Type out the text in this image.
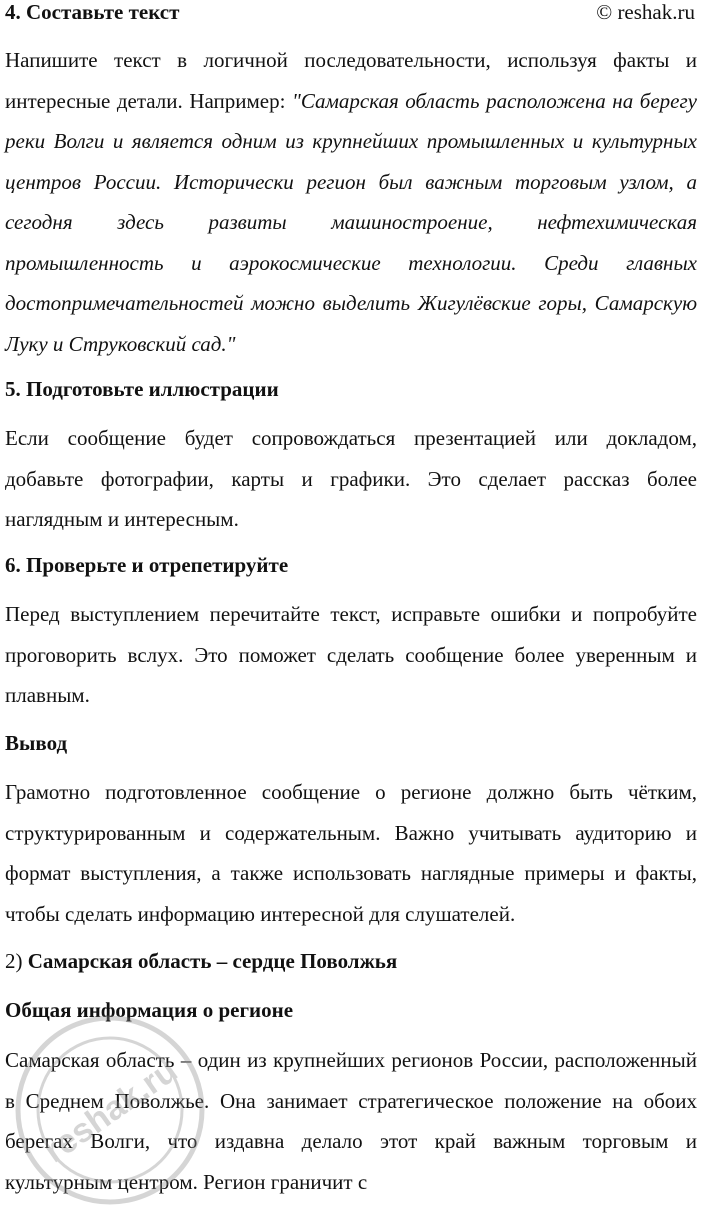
4. Составьте текст	© reshak.ru

Напишите текст в логичной последовательности, используя факты и интересные детали. Например: "Самарская область расположена на берегу реки Волги и является одним из крупнейших промышленных и культурных центров России. Исторически регион был важным торговым узлом, а сегодня здесь развиты машиностроение, нефтехимическая промышленность и аэрокосмические технологии. Среди главных достопримечательностей можно выделить Жигулёвские горы, Самарскую Луку и Струковский сад."

5. Подготовьте иллюстрации

Если сообщение будет сопровождаться презентацией или докладом, добавьте фотографии, карты и графики. Это сделает рассказ более наглядным и интересным.

6. Проверьте и отрепетируйте

Перед выступлением перечитайте текст, исправьте ошибки и попробуйте проговорить вслух. Это поможет сделать сообщение более уверенным и плавным.

Вывод

Грамотно подготовленное сообщение о регионе должно быть чётким, структурированным и содержательным. Важно учитывать аудиторию и формат выступления, а также использовать наглядные примеры и факты, чтобы сделать информацию интересной для слушателей.

2) Самарская область – сердце Поволжья
Общая информация о регионе

Самарская область – один из крупнейших регионов России, расположенный в Среднем Поволжье. Она занимает стратегическое положение на обоих берегах Волги, что издавна делало этот край важным торговым и культурным центром. Регион граничит с

reshak.ru
